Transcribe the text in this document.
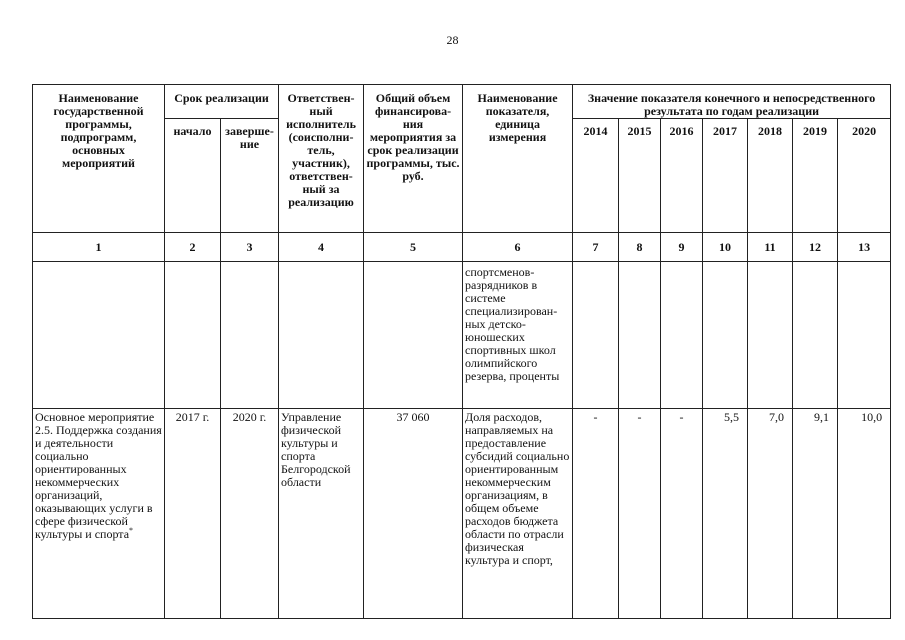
28
Наименование государственной программы, подпрограмм, основных мероприятий	Срок реализации		Ответствен-ный исполнитель (соисполни-тель, участник), ответствен-ный за реализацию	Общий объем финансирова-ния мероприятия за срок реализации программы, тыс. руб.	Наименование показателя, единица измерения	Значение показателя конечного и непосредственного результата по годам реализации						
	начало	заверше-ние				2014	2015	2016	2017	2018	2019	2020
1	2	3	4	5	6	7	8	9	10	11	12	13
					спортсменов-разрядников в системе специализирован-ных детско-юношеских спортивных школ олимпийского резерва, проценты							
Основное мероприятие 2.5. Поддержка создания и деятельности социально ориентированных некоммерческих организаций, оказывающих услуги в сфере физической культуры и спорта*	2017 г.	2020 г.	Управление физической культуры и спорта Белгородской области	37 060	Доля расходов, направляемых на предоставление субсидий социально ориентированным некоммерческим организациям, в общем объеме расходов бюджета области по отрасли физическая культура и спорт,	-	-	-	5,5	7,0	9,1	10,0
